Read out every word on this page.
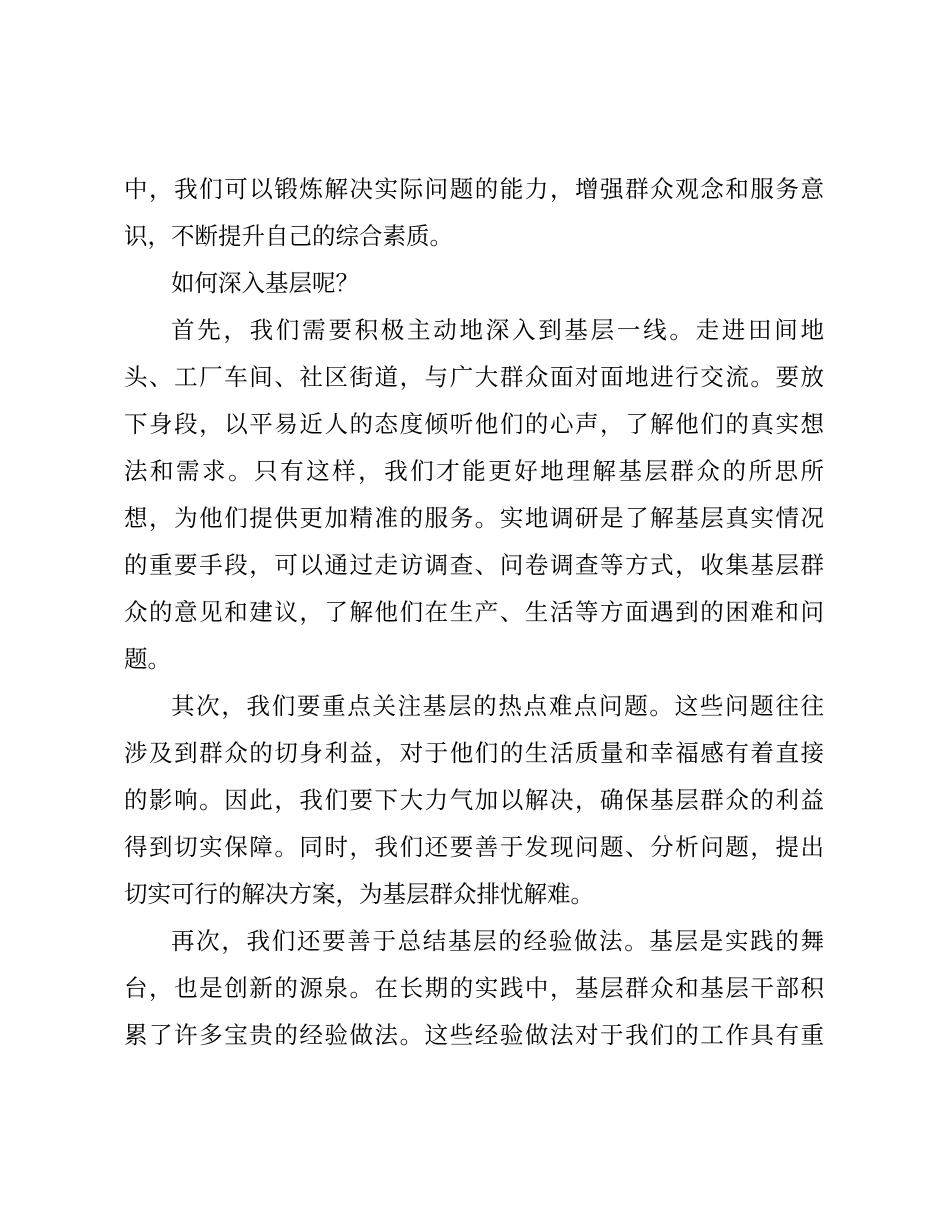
中，我们可以锻炼解决实际问题的能力，增强群众观念和服务意
识，不断提升自己的综合素质。
如何深入基层呢？
首先，我们需要积极主动地深入到基层一线。走进田间地
头、工厂车间、社区街道，与广大群众面对面地进行交流。要放
下身段，以平易近人的态度倾听他们的心声，了解他们的真实想
法和需求。只有这样，我们才能更好地理解基层群众的所思所
想，为他们提供更加精准的服务。实地调研是了解基层真实情况
的重要手段，可以通过走访调查、问卷调查等方式，收集基层群
众的意见和建议，了解他们在生产、生活等方面遇到的困难和问
题。
其次，我们要重点关注基层的热点难点问题。这些问题往往
涉及到群众的切身利益，对于他们的生活质量和幸福感有着直接
的影响。因此，我们要下大力气加以解决，确保基层群众的利益
得到切实保障。同时，我们还要善于发现问题、分析问题，提出
切实可行的解决方案，为基层群众排忧解难。
再次，我们还要善于总结基层的经验做法。基层是实践的舞
台，也是创新的源泉。在长期的实践中，基层群众和基层干部积
累了许多宝贵的经验做法。这些经验做法对于我们的工作具有重
